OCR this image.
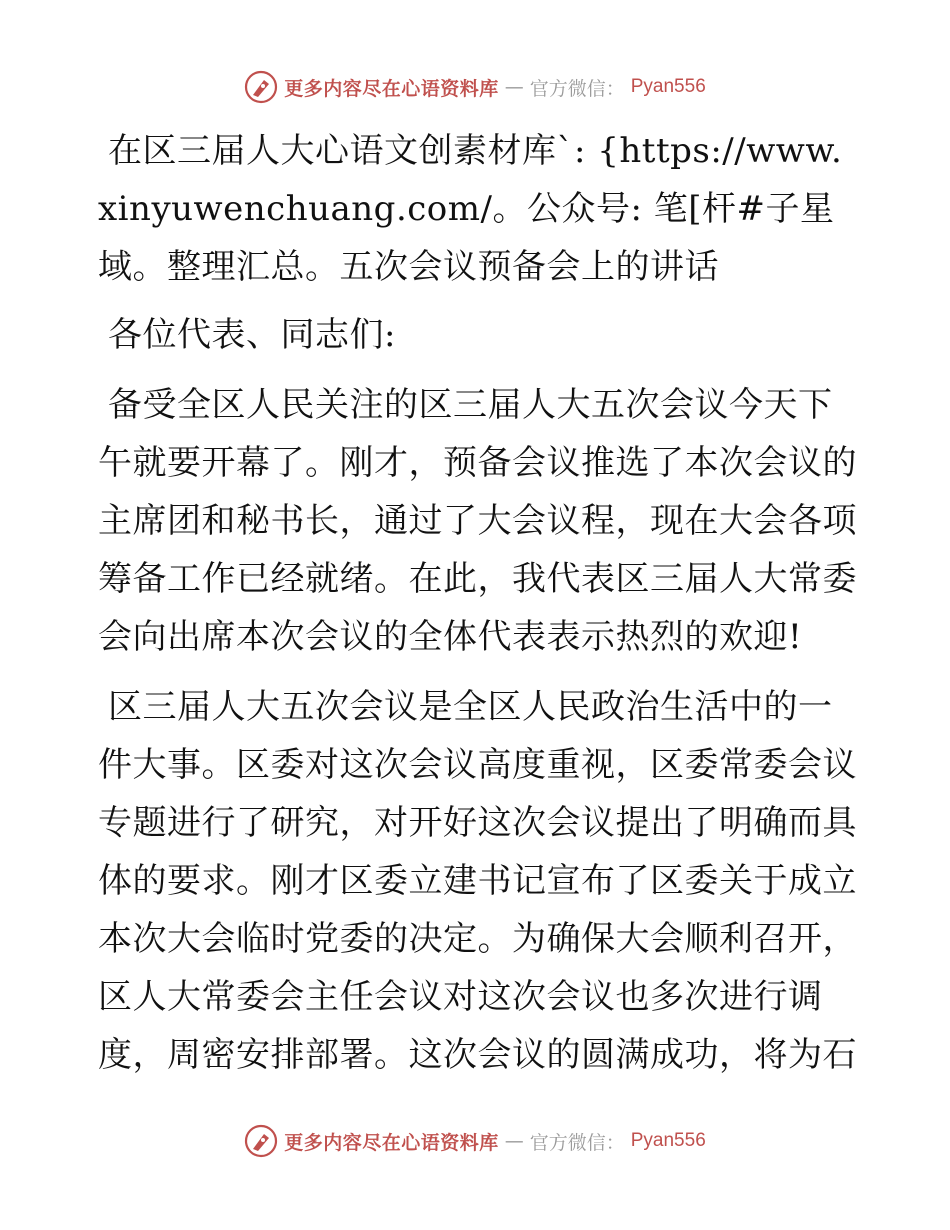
更多内容尽在心语资料库 — 官方微信： Pyan556

在区三届人大心语文创素材库`: {https://www.xinyuwenchuang.com/。公众号: 笔[杆#子星域。整理汇总。五次会议预备会上的讲话

各位代表、同志们:

备受全区人民关注的区三届人大五次会议今天下午就要开幕了。刚才，预备会议推选了本次会议的主席团和秘书长，通过了大会议程，现在大会各项筹备工作已经就绪。在此，我代表区三届人大常委会向出席本次会议的全体代表表示热烈的欢迎!

区三届人大五次会议是全区人民政治生活中的一件大事。区委对这次会议高度重视，区委常委会议专题进行了研究，对开好这次会议提出了明确而具体的要求。刚才区委立建书记宣布了区委关于成立本次大会临时党委的决定。为确保大会顺利召开，区人大常委会主任会议对这次会议也多次进行调度，周密安排部署。这次会议的圆满成功，将为石

更多内容尽在心语资料库 — 官方微信： Pyan556
